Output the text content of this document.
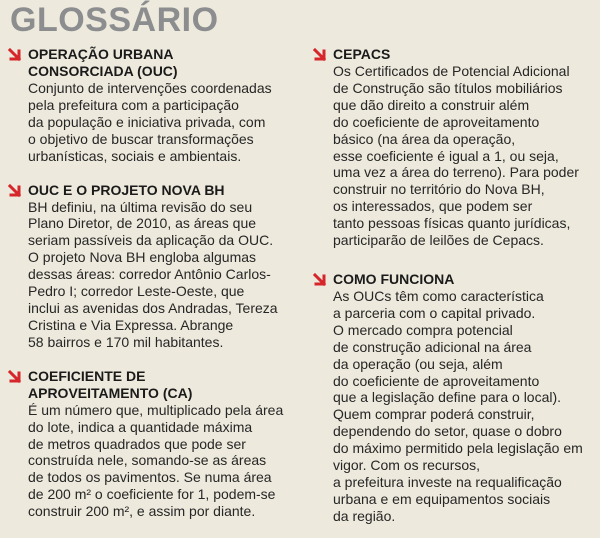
GLOSSÁRIO
OPERAÇÃO URBANA
CONSORCIADA (OUC)
Conjunto de intervenções coordenadas
pela prefeitura com a participação
da população e iniciativa privada, com
o objetivo de buscar transformações
urbanísticas, sociais e ambientais.
OUC E O PROJETO NOVA BH
BH definiu, na última revisão do seu
Plano Diretor, de 2010, as áreas que
seriam passíveis da aplicação da OUC.
O projeto Nova BH engloba algumas
dessas áreas: corredor Antônio Carlos-
Pedro I; corredor Leste-Oeste, que
inclui as avenidas dos Andradas, Tereza
Cristina e Via Expressa. Abrange
58 bairros e 170 mil habitantes.
COEFICIENTE DE
APROVEITAMENTO (CA)
É um número que, multiplicado pela área
do lote, indica a quantidade máxima
de metros quadrados que pode ser
construída nele, somando-se as áreas
de todos os pavimentos. Se numa área
de 200 m² o coeficiente for 1, podem-se
construir 200 m², e assim por diante.
CEPACS
Os Certificados de Potencial Adicional
de Construção são títulos mobiliários
que dão direito a construir além
do coeficiente de aproveitamento
básico (na área da operação,
esse coeficiente é igual a 1, ou seja,
uma vez a área do terreno). Para poder
construir no território do Nova BH,
os interessados, que podem ser
tanto pessoas físicas quanto jurídicas,
participarão de leilões de Cepacs.
COMO FUNCIONA
As OUCs têm como característica
a parceria com o capital privado.
O mercado compra potencial
de construção adicional na área
da operação (ou seja, além
do coeficiente de aproveitamento
que a legislação define para o local).
Quem comprar poderá construir,
dependendo do setor, quase o dobro
do máximo permitido pela legislação em
vigor. Com os recursos,
a prefeitura investe na requalificação
urbana e em equipamentos sociais
da região.
